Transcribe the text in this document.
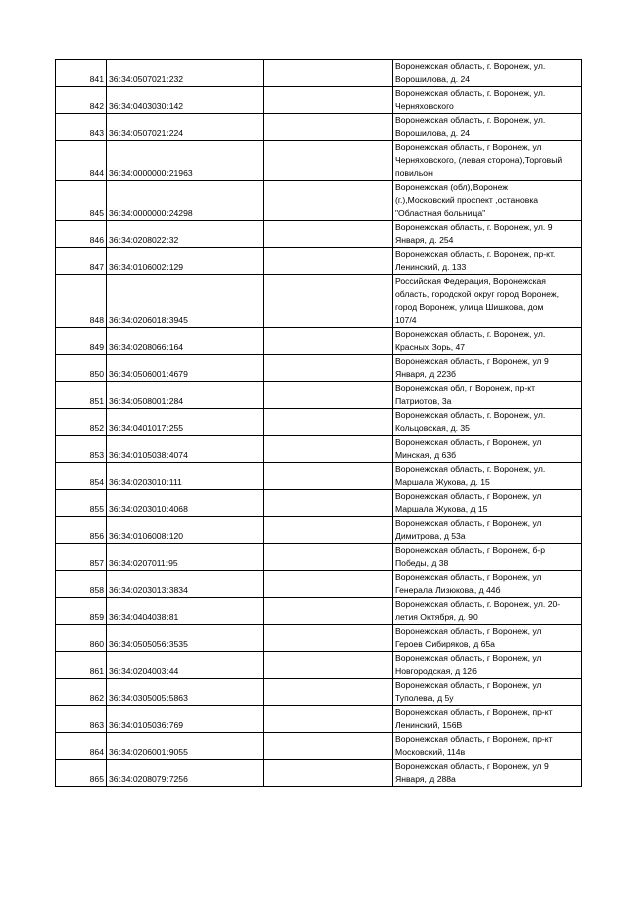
841	36:34:0507021:232		Воронежская область, г. Воронеж, ул.
Ворошилова, д. 24
842	36:34:0403030:142		Воронежская область, г. Воронеж, ул.
Черняховского
843	36:34:0507021:224		Воронежская область, г. Воронеж, ул.
Ворошилова, д. 24
844	36:34:0000000:21963		Воронежская область, г Воронеж, ул
Черняховского, (левая сторона),Торговый
повильон
845	36:34:0000000:24298		Воронежская (обл),Воронеж
(г.),Московский проспект ,остановка
"Областная больница"
846	36:34:0208022:32		Воронежская область, г. Воронеж, ул. 9
Января, д. 254
847	36:34:0106002:129		Воронежская область, г. Воронеж, пр-кт.
Ленинский, д. 133
848	36:34:0206018:3945		Российская Федерация, Воронежская
область, городской округ город Воронеж,
город Воронеж, улица Шишкова, дом
107/4
849	36:34:0208066:164		Воронежская область, г. Воронеж, ул.
Красных Зорь, 47
850	36:34:0506001:4679		Воронежская область, г Воронеж, ул 9
Января, д 223б
851	36:34:0508001:284		Воронежская обл, г Воронеж, пр-кт
Патриотов, 3а
852	36:34:0401017:255		Воронежская область, г. Воронеж, ул.
Кольцовская, д. 35
853	36:34:0105038:4074		Воронежская область, г Воронеж, ул
Минская, д 63б
854	36:34:0203010:111		Воронежская область, г. Воронеж, ул.
Маршала Жукова, д. 15
855	36:34:0203010:4068		Воронежская область, г Воронеж, ул
Маршала Жукова, д 15
856	36:34:0106008:120		Воронежская область, г Воронеж, ул
Димитрова, д 53а
857	36:34:0207011:95		Воронежская область, г Воронеж, б-р
Победы, д 38
858	36:34:0203013:3834		Воронежская область, г Воронеж, ул
Генерала Лизюкова, д 44б
859	36:34:0404038:81		Воронежская область, г. Воронеж, ул. 20-
летия Октября, д. 90
860	36:34:0505056:3535		Воронежская область, г Воронеж, ул
Героев Сибиряков, д 65а
861	36:34:0204003:44		Воронежская область, г Воронеж, ул
Новгородская, д 126
862	36:34:0305005:5863		Воронежская область, г Воронеж, ул
Туполева, д 5у
863	36:34:0105036:769		Воронежская область, г Воронеж, пр-кт
Ленинский, 156В
864	36:34:0206001:9055		Воронежская область, г Воронеж, пр-кт
Московский, 114в
865	36:34:0208079:7256		Воронежская область, г Воронеж, ул 9
Января, д 288а
